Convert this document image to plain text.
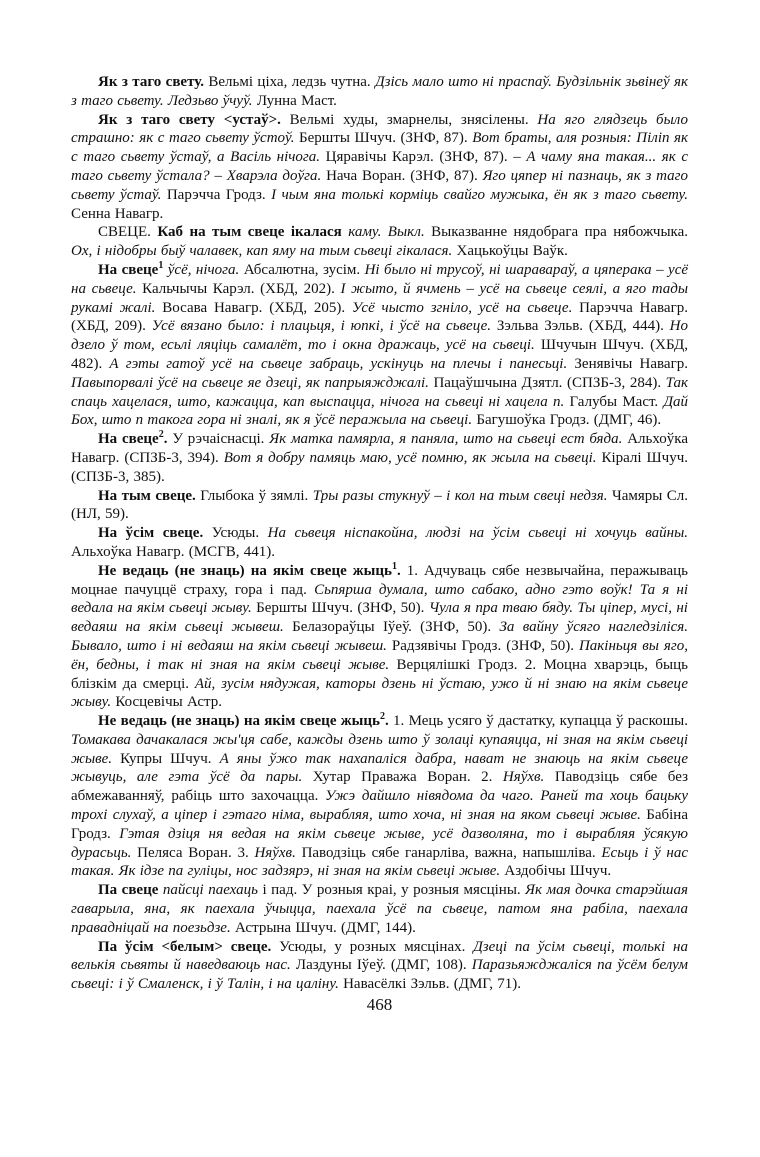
Як з таго свету. Вельмі ціха, ледзь чутна. Дзісь мало што ні праспаў. Будзільнік зьвінеў як з таго сьвету. Ледзьво ўчуў. Лунна Маст.

Як з таго свету <устаў>. Вельмі худы, змарнелы, знясілены. На яго глядзець было страшно: як с таго сьвету ўстоў. Бершты Шчуч. (ЗНФ, 87). Вот браты, аля розныя: Пiлiп як с таго сьвету ўстаў, а Васіль нічога. Цяравічы Карэл. (ЗНФ, 87). – А чаму яна такая... як с таго сьвету ўстала? – Хварэла доўга. Нача Воран. (ЗНФ, 87). Яго цяпер ні пазнаць, як з таго сьвету ўстаў. Парэчча Гродз. І чым яна толькі корміць свайго мужыка, ён як з таго сьвету. Сенна Навагр.

СВЕЦЕ. Каб на тым свеце ікалася каму. Выкл. Выказванне нядобрага пра нябожчыка. Ох, і нідобры быў чалавек, кап яму на тым сьвеці гікалася. Хацькоўцы Ваўк.

На свеце$^1$ ўсё, нічога. Абсалютна, зусім. Ні было ні трусоў, ні шаравараў, а цяперака – усё на сьвеце. Кальчычы Карэл. (ХБД, 202). І жыто, й ячмень – усё на сьвеце сеялі, а яго тады рукамі жалі. Восава Навагр. (ХБД, 205). Усё чысто згніло, усё на сьвеце. Парэчча Навагр. (ХБД, 209). Усё вязано было: і плацьця, і юпкі, і ўсё на сьвеце. Зэльва Зэльв. (ХБД, 444). Но дзело ў том, есьлі ляціць самалёт, то і окна дражаць, усё на сьвеці. Шчучын Шчуч. (ХБД, 482). А гэты гатоў усё на сьвеце забраць, ускінуць на плечы і панесьці. Зенявічы Навагр. Павыпорвалі ўсё на сьвеце яе дзеці, як папрыяжджалі. Пацаўшчына Дзятл. (СПЗБ-3, 284). Так спаць хацелася, што, кажацца, кап выспацца, нічога на сьвеці ні хацела п. Галубы Маст. Дай Бох, што п такога гора ні зналі, як я ўсё перажыла на сьвеці. Багушоўка Гродз. (ДМГ, 46).

На свеце$^2$. У рэчаіснасці. Як матка памярла, я паняла, што на сьвеці ест бяда. Альхоўка Навагр. (СПЗБ-3, 394). Вот я добру памяць маю, усё помню, як жыла на сьвеці. Кіралі Шчуч. (СПЗБ-3, 385).

На тым свеце. Глыбока ў зямлі. Тры разы стукнуў – і кол на тым свеці недзя. Чамяры Сл. (НЛ, 59).

На ўсім свеце. Усюды. На сьвеця ніспакойна, людзі на ўсім сьвеці ні хочуць вайны. Альхоўка Навагр. (МСГВ, 441).

Не ведаць (не знаць) на якім свеце жыць$^1$. 1. Адчуваць сябе незвычайна, перажываць моцнае пачуццё страху, гора і пад. Сьпярша думала, што сабако, адно гэто воўк! Та я ні ведала на якім сьвеці жыву. Бершты Шчуч. (ЗНФ, 50). Чула я пра тваю бяду. Ты ціпер, мусі, ні ведаяш на якім сьвеці жывеш. Белазораўцы Іўеў. (ЗНФ, 50). За вайну ўсяго нагледзіліся. Бывало, што і ні ведаяш на якім сьвеці жывеш. Радзявічы Гродз. (ЗНФ, 50). Пакіньця вы яго, ён, бедны, і так ні зная на якім сьвеці жыве. Верцялішкі Гродз. 2. Моцна хварэць, быць блізкім да смерці. Ай, зусім нядужая, каторы дзень ні ўстаю, ужо й ні знаю на якім сьвеце жыву. Косцевічы Астр.

Не ведаць (не знаць) на якім свеце жыць$^2$. 1. Мець усяго ў дастатку, купацца ў раскошы. Томакава дачакалася жы'ця сабе, кажды дзень што ў золаці купаяцца, ні зная на якім сьвеці жыве. Купры Шчуч. А яны ўжо так нахапаліся дабра, нават не знаюць на якім сьвеце жывуць, але гэта ўсё да пары. Хутар Праважа Воран. 2. Няўхв. Паводзіць сябе без абмежаванняў, рабіць што захочацца. Ужэ дайшло нівядома да чаго. Раней та хоць бацьку трохі слухаў, а ціпер і гэтаго німа, вырабляя, што хоча, ні зная на яком сьвеці жыве. Бабіна Гродз. Гэтая дзіця ня ведая на якім сьвеце жыве, усё дазволяна, то і вырабляя ўсякую дурасьць. Пеляса Воран. 3. Няўхв. Паводзіць сябе ганарліва, важна, напышліва. Есьць і ў нас такая. Як ідзе па гуліцы, нос задзярэ, ні зная на якім сьвеці жыве. Аздобічы Шчуч.

Па свеце пайсці паехаць і пад. У розныя краі, у розныя мясціны. Як мая дочка старэйшая гаварыла, яна, як паехала ўчыцца, паехала ўсё па сьвеце, патом яна рабіла, паехала праваднiцай на поезьдзе. Астрына Шчуч. (ДМГ, 144).

Па ўсім <белым> свеце. Усюды, у розных мясцінах. Дзеці па ўсім сьвеці, толькі на велькія сьвяты й наведваюць нас. Лаздуны Іўеў. (ДМГ, 108). Паразьяжджаліся па ўсём белум сьвеці: і ў Смаленск, і ў Талін, і на цаліну. Навасёлкі Зэльв. (ДМГ, 71).

468
